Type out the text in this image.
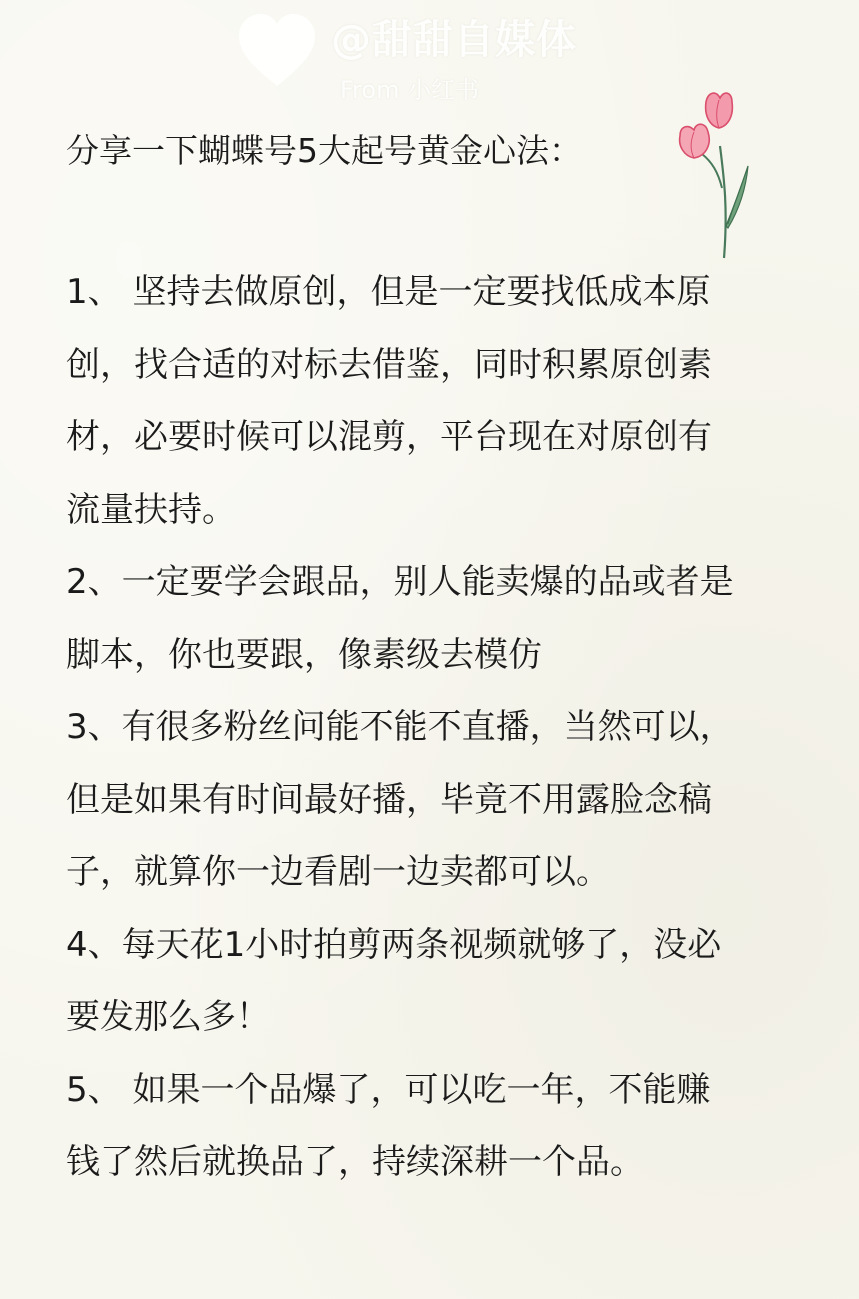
@甜甜自媒体
From 小红书
分享一下蝴蝶号5大起号黄金心法：
1、 坚持去做原创，但是一定要找低成本原
创，找合适的对标去借鉴，同时积累原创素
材，必要时候可以混剪，平台现在对原创有
流量扶持。
2、一定要学会跟品，别人能卖爆的品或者是
脚本，你也要跟，像素级去模仿
3、有很多粉丝问能不能不直播，当然可以，
但是如果有时间最好播，毕竟不用露脸念稿
子，就算你一边看剧一边卖都可以。
4、每天花1小时拍剪两条视频就够了，没必
要发那么多！
5、 如果一个品爆了，可以吃一年，不能赚
钱了然后就换品了，持续深耕一个品。
